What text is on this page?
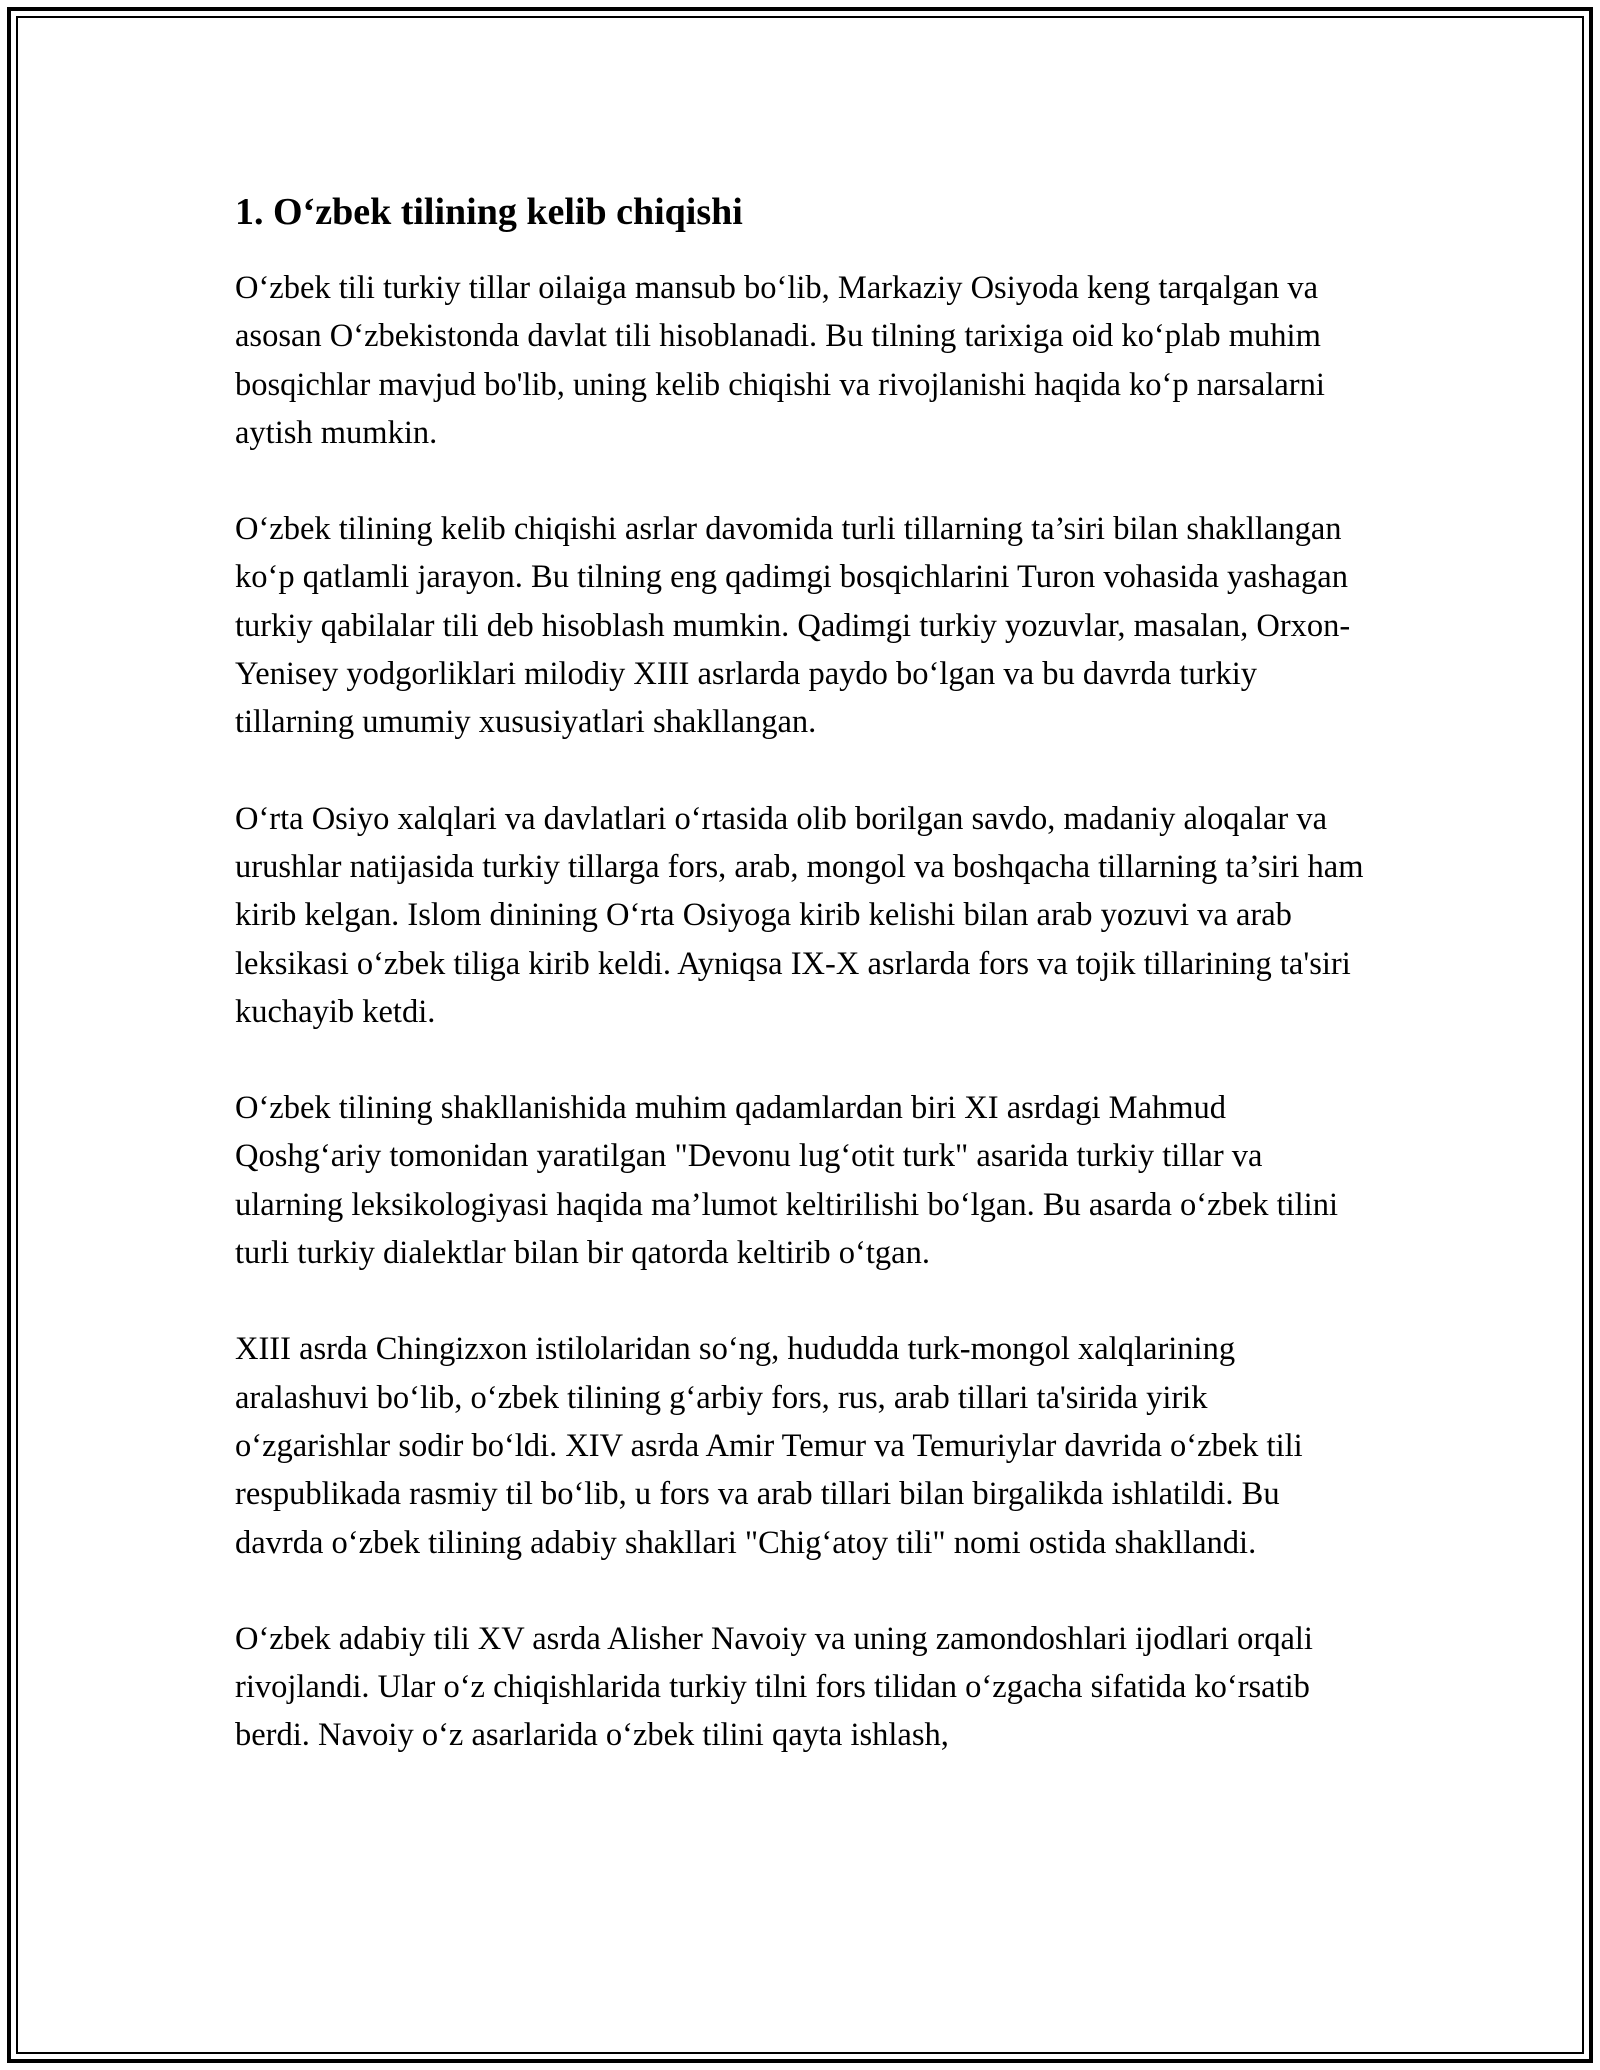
1. O‘zbek tilining kelib chiqishi

O‘zbek tili turkiy tillar oilaiga mansub bo‘lib, Markaziy Osiyoda keng tarqalgan va asosan O‘zbekistonda davlat tili hisoblanadi. Bu tilning tarixiga oid ko‘plab muhim bosqichlar mavjud bo'lib, uning kelib chiqishi va rivojlanishi haqida ko‘p narsalarni aytish mumkin.

O‘zbek tilining kelib chiqishi asrlar davomida turli tillarning ta’siri bilan shakllangan ko‘p qatlamli jarayon. Bu tilning eng qadimgi bosqichlarini Turon vohasida yashagan turkiy qabilalar tili deb hisoblash mumkin. Qadimgi turkiy yozuvlar, masalan, Orxon-Yenisey yodgorliklari milodiy XIII asrlarda paydo bo‘lgan va bu davrda turkiy tillarning umumiy xususiyatlari shakllangan.

O‘rta Osiyo xalqlari va davlatlari o‘rtasida olib borilgan savdo, madaniy aloqalar va urushlar natijasida turkiy tillarga fors, arab, mongol va boshqacha tillarning ta’siri ham kirib kelgan. Islom dinining O‘rta Osiyoga kirib kelishi bilan arab yozuvi va arab leksikasi o‘zbek tiliga kirib keldi. Ayniqsa IX-X asrlarda fors va tojik tillarining ta'siri kuchayib ketdi.

O‘zbek tilining shakllanishida muhim qadamlardan biri XI asrdagi Mahmud Qoshg‘ariy tomonidan yaratilgan "Devonu lug‘otit turk" asarida turkiy tillar va ularning leksikologiyasi haqida ma’lumot keltirilishi bo‘lgan. Bu asarda o‘zbek tilini turli turkiy dialektlar bilan bir qatorda keltirib o‘tgan.

XIII asrda Chingizxon istilolaridan so‘ng, hududda turk-mongol xalqlarining aralashuvi bo‘lib, o‘zbek tilining g‘arbiy fors, rus, arab tillari ta'sirida yirik o‘zgarishlar sodir bo‘ldi. XIV asrda Amir Temur va Temuriylar davrida o‘zbek tili respublikada rasmiy til bo‘lib, u fors va arab tillari bilan birgalikda ishlatildi. Bu davrda o‘zbek tilining adabiy shakllari "Chig‘atoy tili" nomi ostida shakllandi.

O‘zbek adabiy tili XV asrda Alisher Navoiy va uning zamondoshlari ijodlari orqali rivojlandi. Ular o‘z chiqishlarida turkiy tilni fors tilidan o‘zgacha sifatida ko‘rsatib berdi. Navoiy o‘z asarlarida o‘zbek tilini qayta ishlash,
